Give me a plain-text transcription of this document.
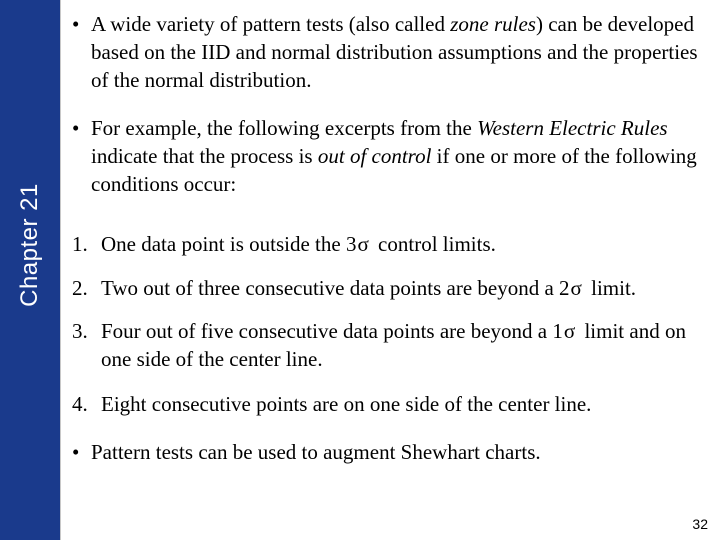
Chapter 21
• A wide variety of pattern tests (also called zone rules) can be developed based on the IID and normal distribution assumptions and the properties of the normal distribution.
• For example, the following excerpts from the Western Electric Rules indicate that the process is out of control if one or more of the following conditions occur:
1. One data point is outside the 3σ control limits.
2. Two out of three consecutive data points are beyond a 2σ limit.
3. Four out of five consecutive data points are beyond a 1σ limit and on one side of the center line.
4. Eight consecutive points are on one side of the center line.
• Pattern tests can be used to augment Shewhart charts.
32
